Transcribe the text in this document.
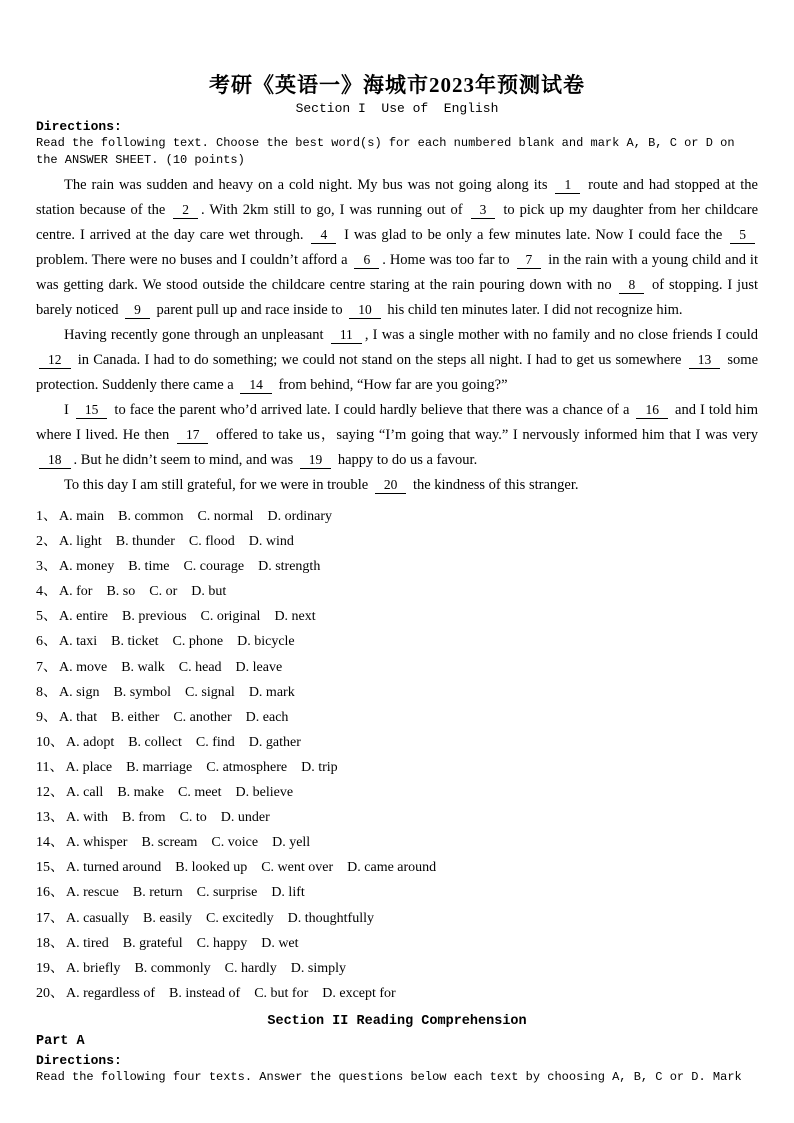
考研《英语一》海城市2023年预测试卷
Section I  Use of  English
Directions:
Read the following text. Choose the best word(s) for each numbered blank and mark A, B, C or D on the ANSWER SHEET. (10 points)

The rain was sudden and heavy on a cold night. My bus was not going along its 1 route and had stopped at the station because of the 2 . With 2km still to go, I was running out of 3 to pick up my daughter from her childcare centre. I arrived at the day care wet through. 4 I was glad to be only a few minutes late. Now I could face the 5 problem. There were no buses and I couldn’t afford a 6 . Home was too far to 7 in the rain with a young child and it was getting dark. We stood outside the childcare centre staring at the rain pouring down with no 8 of stopping. I just barely noticed 9 parent pull up and race inside to 10 his child ten minutes later. I did not recognize him.

Having recently gone through an unpleasant 11 , I was a single mother with no family and no close friends I could 12 in Canada. I had to do something; we could not stand on the steps all night. I had to get us somewhere 13 some protection. Suddenly there came a 14 from behind, “How far are you going?”

I 15 to face the parent who’d arrived late. I could hardly believe that there was a chance of a 16 and I told him where I lived. He then 17 offered to take us，saying “I’m going that way.” I nervously informed him that I was very 18 . But he didn’t seem to mind, and was 19 happy to do us a favour.

To this day I am still grateful, for we were in trouble 20 the kindness of this stranger.

1、 A. main B. common C. normal D. ordinary
2、 A. light B. thunder C. flood D. wind
3、 A. money B. time C. courage D. strength
4、 A. for B. so C. or D. but
5、 A. entire B. previous C. original D. next
6、 A. taxi B. ticket C. phone D. bicycle
7、 A. move B. walk C. head D. leave
8、 A. sign B. symbol C. signal D. mark
9、 A. that B. either C. another D. each
10、 A. adopt B. collect C. find D. gather
11、 A. place B. marriage C. atmosphere D. trip
12、 A. call B. make C. meet D. believe
13、 A. with B. from C. to D. under
14、 A. whisper B. scream C. voice D. yell
15、 A. turned around B. looked up C. went over D. came around
16、 A. rescue B. return C. surprise D. lift
17、 A. casually B. easily C. excitedly D. thoughtfully
18、 A. tired B. grateful C. happy D. wet
19、 A. briefly B. commonly C. hardly D. simply
20、 A. regardless of B. instead of C. but for D. except for
Section II Reading Comprehension
Part A
Directions:
Read the following four texts. Answer the questions below each text by choosing A, B, C or D. Mark
